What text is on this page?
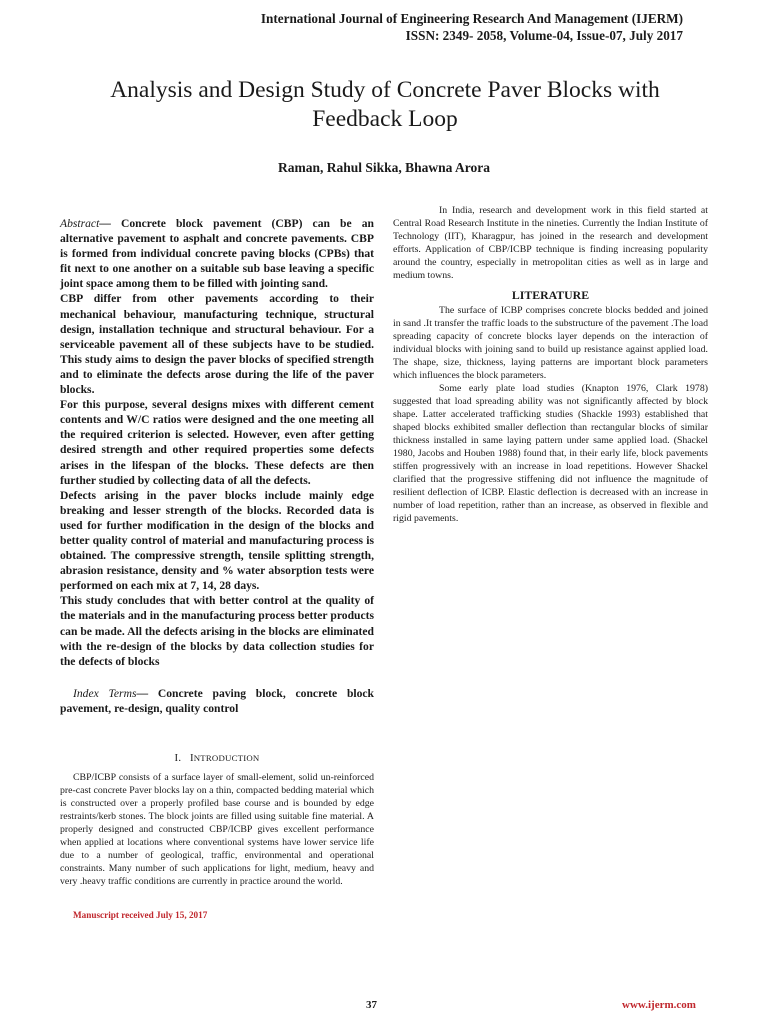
International Journal of Engineering Research And Management (IJERM)
ISSN: 2349- 2058, Volume-04, Issue-07, July 2017
Analysis and Design Study of Concrete Paver Blocks with
Feedback Loop
Raman, Rahul Sikka, Bhawna Arora

Abstract— Concrete block pavement (CBP) can be an alternative pavement to asphalt and concrete pavements. CBP is formed from individual concrete paving blocks (CPBs) that fit next to one another on a suitable sub base leaving a specific joint space among them to be filled with jointing sand.

CBP differ from other pavements according to their mechanical behaviour, manufacturing technique, structural design, installation technique and structural behaviour. For a serviceable pavement all of these subjects have to be studied. This study aims to design the paver blocks of specified strength and to eliminate the defects arose during the life of the paver blocks.

For this purpose, several designs mixes with different cement contents and W/C ratios were designed and the one meeting all the required criterion is selected. However, even after getting desired strength and other required properties some defects arises in the lifespan of the blocks. These defects are then further studied by collecting data of all the defects.

Defects arising in the paver blocks include mainly edge breaking and lesser strength of the blocks. Recorded data is used for further modification in the design of the blocks and better quality control of material and manufacturing process is obtained. The compressive strength, tensile splitting strength, abrasion resistance, density and % water absorption tests were performed on each mix at 7, 14, 28 days.

This study concludes that with better control at the quality of the materials and in the manufacturing process better products can be made. All the defects arising in the blocks are eliminated with the re-design of the blocks by data collection studies for the defects of blocks

Index Terms— Concrete paving block, concrete block pavement, re-design, quality control

I. INTRODUCTION

CBP/ICBP consists of a surface layer of small-element, solid un-reinforced pre-cast concrete Paver blocks lay on a thin, compacted bedding material which is constructed over a properly profiled base course and is bounded by edge restraints/kerb stones. The block joints are filled using suitable fine material. A properly designed and constructed CBP/ICBP gives excellent performance when applied at locations where conventional systems have lower service life due to a number of geological, traffic, environmental and operational constraints. Many number of such applications for light, medium, heavy and very .heavy traffic conditions are currently in practice around the world.

Manuscript received July 15, 2017

In India, research and development work in this field started at Central Road Research Institute in the nineties. Currently the Indian Institute of Technology (IIT), Kharagpur, has joined in the research and development efforts. Application of CBP/ICBP technique is finding increasing popularity around the country, especially in metropolitan cities as well as in large and medium towns.

LITERATURE

The surface of ICBP comprises concrete blocks bedded and joined in sand .It transfer the traffic loads to the substructure of the pavement .The load spreading capacity of concrete blocks layer depends on the interaction of individual blocks with joining sand to build up resistance against applied load. The shape, size, thickness, laying patterns are important block parameters which influences the block parameters.

Some early plate load studies (Knapton 1976, Clark 1978) suggested that load spreading ability was not significantly affected by block shape. Latter accelerated trafficking studies (Shackle 1993) established that shaped blocks exhibited smaller deflection than rectangular blocks of similar thickness installed in same laying pattern under same applied load. (Shackel 1980, Jacobs and Houben 1988) found that, in their early life, block pavements stiffen progressively with an increase in load repetitions. However Shackel clarified that the progressive stiffening did not influence the magnitude of resilient deflection of ICBP. Elastic deflection is decreased with an increase in number of load repetition, rather than an increase, as observed in flexible and rigid pavements.

37	www.ijerm.com
